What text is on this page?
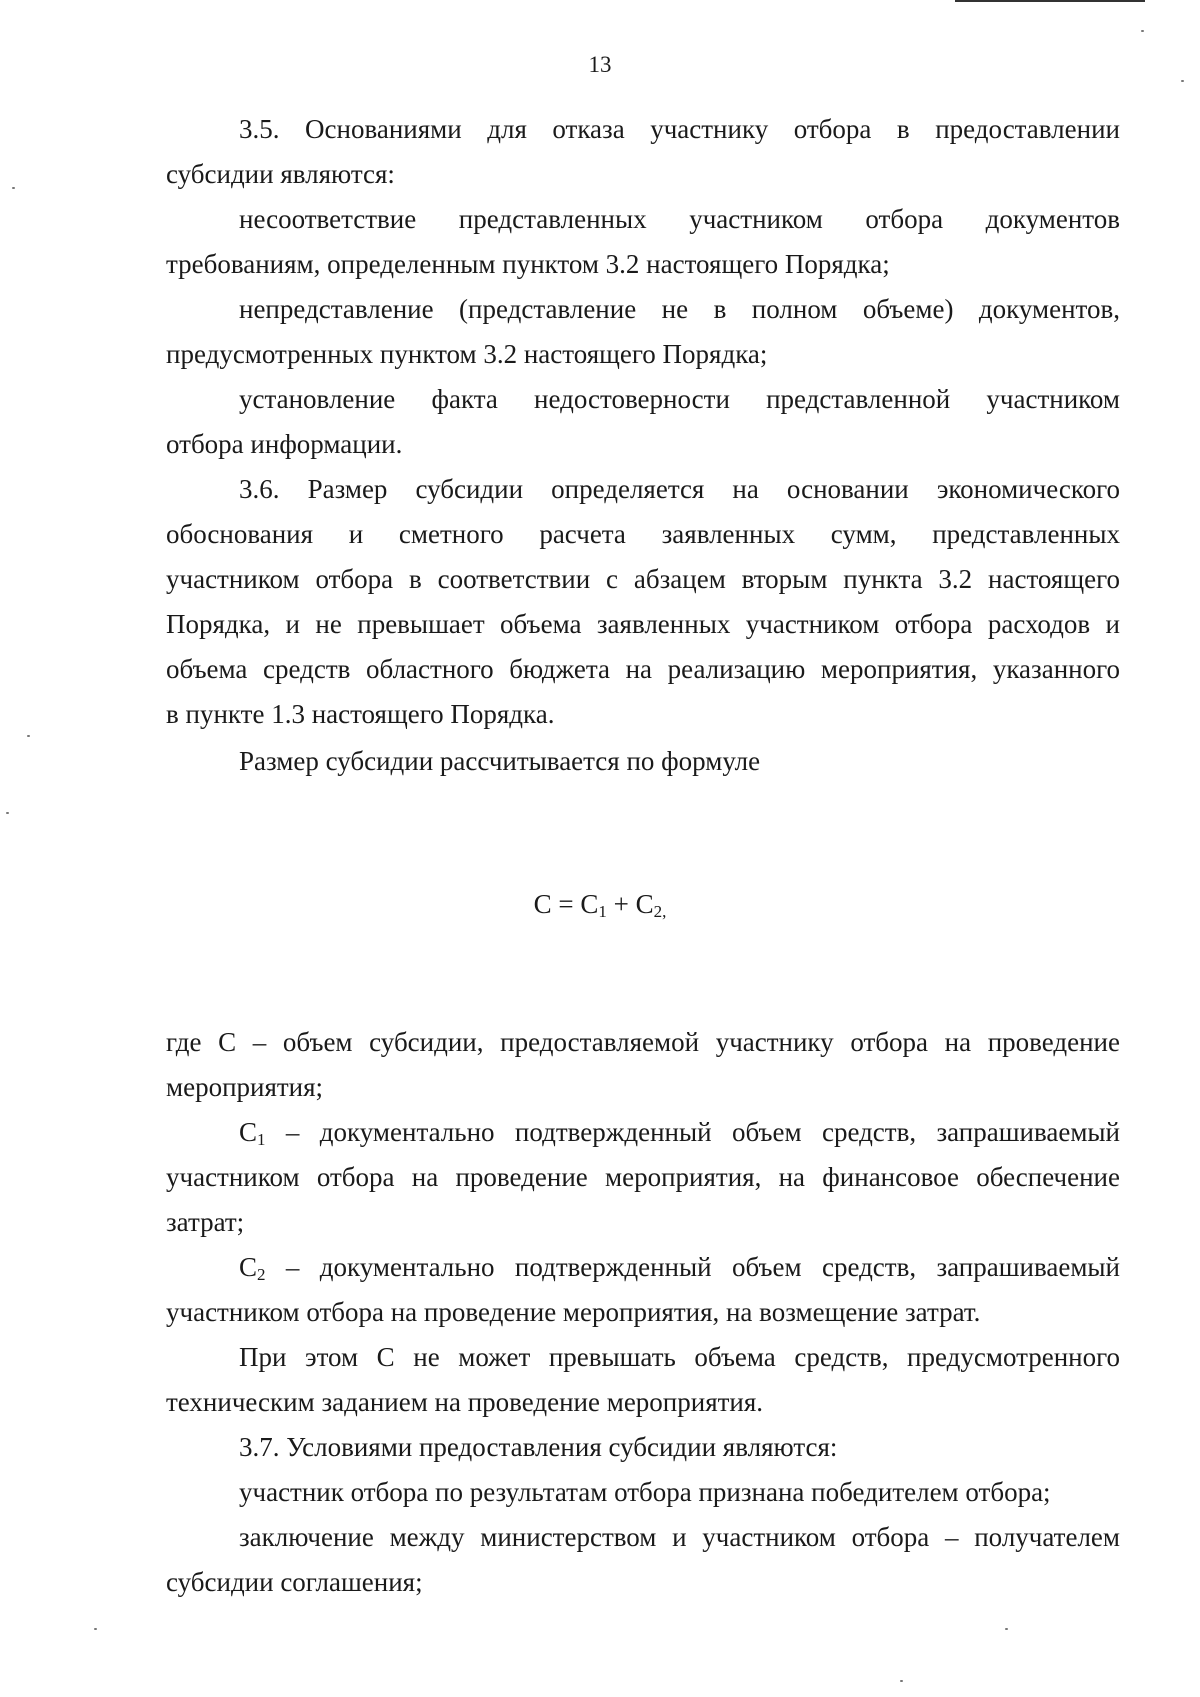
13
3.5. Основаниями для отказа участнику отбора в предоставлении
субсидии являются:
несоответствие представленных участником отбора документов
требованиям, определенным пунктом 3.2 настоящего Порядка;
непредставление (представление не в полном объеме) документов,
предусмотренных пунктом 3.2 настоящего Порядка;
установление факта недостоверности представленной участником
отбора информации.
3.6. Размер субсидии определяется на основании экономического
обоснования и сметного расчета заявленных сумм, представленных
участником отбора в соответствии с абзацем вторым пункта 3.2 настоящего
Порядка, и не превышает объема заявленных участником отбора расходов и
объема средств областного бюджета на реализацию мероприятия, указанного
в пункте 1.3 настоящего Порядка.
Размер субсидии рассчитывается по формуле
$С = С_1 + С_{2,}$
где С – объем субсидии, предоставляемой участнику отбора на проведение
мероприятия;
$С_1$ – документально подтвержденный объем средств, запрашиваемый
участником отбора на проведение мероприятия, на финансовое обеспечение
затрат;
$С_2$ – документально подтвержденный объем средств, запрашиваемый
участником отбора на проведение мероприятия, на возмещение затрат.
При этом С не может превышать объема средств, предусмотренного
техническим заданием на проведение мероприятия.
3.7. Условиями предоставления субсидии являются:
участник отбора по результатам отбора признана победителем отбора;
заключение между министерством и участником отбора – получателем
субсидии соглашения;
